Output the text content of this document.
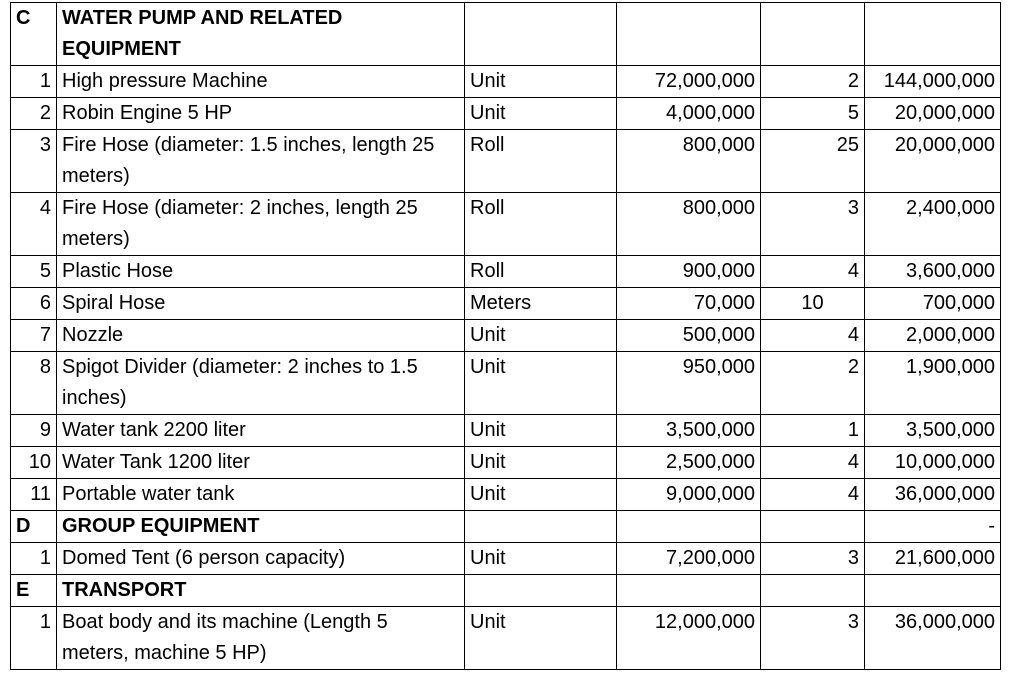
C	WATER PUMP AND RELATED EQUIPMENT				
1	High pressure Machine	Unit	72,000,000	2	144,000,000
2	Robin Engine 5 HP	Unit	4,000,000	5	20,000,000
3	Fire Hose (diameter: 1.5 inches, length 25 meters)	Roll	800,000	25	20,000,000
4	Fire Hose (diameter: 2 inches, length 25 meters)	Roll	800,000	3	2,400,000
5	Plastic Hose	Roll	900,000	4	3,600,000
6	Spiral Hose	Meters	70,000	10	700,000
7	Nozzle	Unit	500,000	4	2,000,000
8	Spigot Divider (diameter: 2 inches to 1.5 inches)	Unit	950,000	2	1,900,000
9	Water tank 2200 liter	Unit	3,500,000	1	3,500,000
10	Water Tank 1200 liter	Unit	2,500,000	4	10,000,000
11	Portable water tank	Unit	9,000,000	4	36,000,000
D	GROUP EQUIPMENT				-
1	Domed Tent (6 person capacity)	Unit	7,200,000	3	21,600,000
E	TRANSPORT				
1	Boat body and its machine (Length 5 meters, machine 5 HP)	Unit	12,000,000	3	36,000,000
